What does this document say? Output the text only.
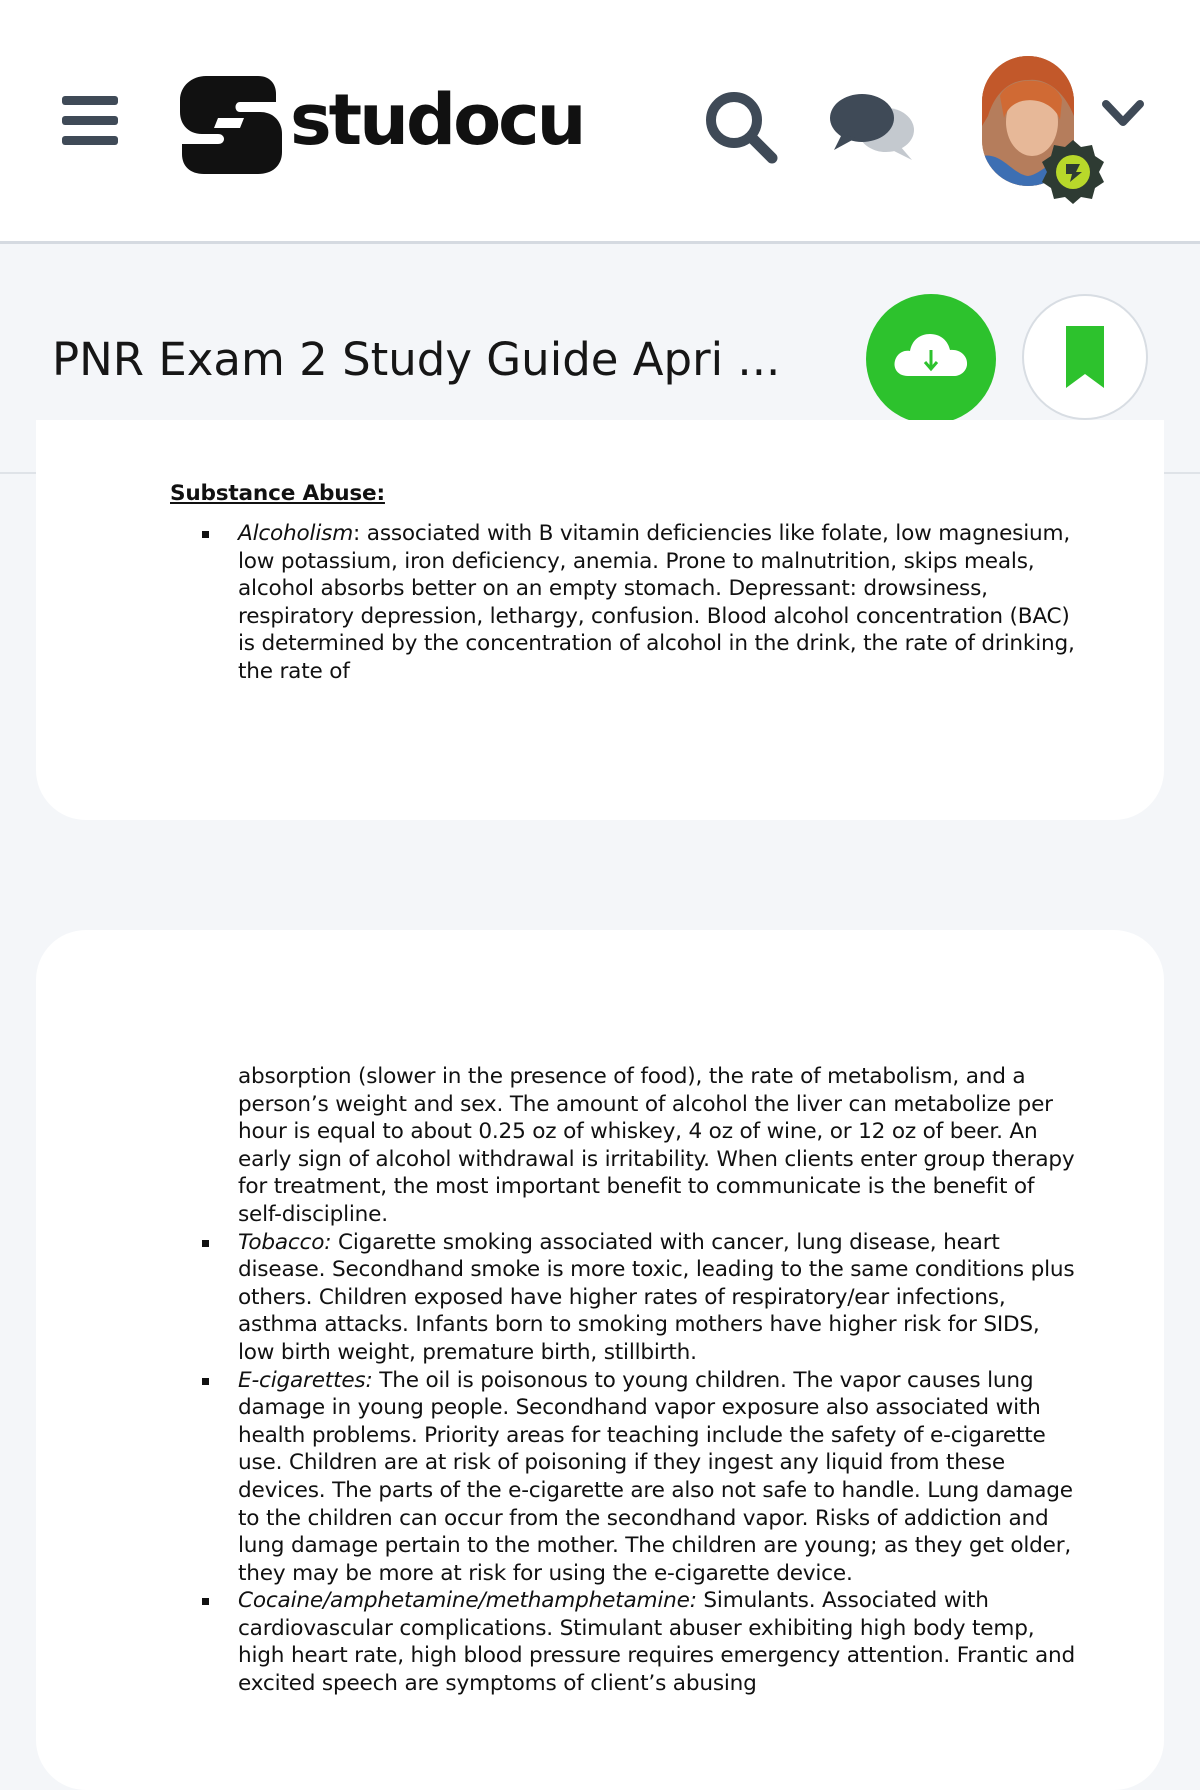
studocu
PNR Exam 2 Study Guide Apri ...
Substance Abuse:
Alcoholism: associated with B vitamin deficiencies like folate, low magnesium, low potassium, iron deficiency, anemia. Prone to malnutrition, skips meals, alcohol absorbs better on an empty stomach. Depressant: drowsiness, respiratory depression, lethargy, confusion. Blood alcohol concentration (BAC) is determined by the concentration of alcohol in the drink, the rate of drinking, the rate of
absorption (slower in the presence of food), the rate of metabolism, and a person’s weight and sex. The amount of alcohol the liver can metabolize per hour is equal to about 0.25 oz of whiskey, 4 oz of wine, or 12 oz of beer. An early sign of alcohol withdrawal is irritability. When clients enter group therapy for treatment, the most important benefit to communicate is the benefit of self-discipline.
Tobacco: Cigarette smoking associated with cancer, lung disease, heart disease. Secondhand smoke is more toxic, leading to the same conditions plus others. Children exposed have higher rates of respiratory/ear infections, asthma attacks. Infants born to smoking mothers have higher risk for SIDS, low birth weight, premature birth, stillbirth.
E-cigarettes: The oil is poisonous to young children. The vapor causes lung damage in young people. Secondhand vapor exposure also associated with health problems. Priority areas for teaching include the safety of e-cigarette use. Children are at risk of poisoning if they ingest any liquid from these devices. The parts of the e-cigarette are also not safe to handle. Lung damage to the children can occur from the secondhand vapor. Risks of addiction and lung damage pertain to the mother. The children are young; as they get older, they may be more at risk for using the e-cigarette device.
Cocaine/amphetamine/methamphetamine: Simulants. Associated with cardiovascular complications. Stimulant abuser exhibiting high body temp, high heart rate, high blood pressure requires emergency attention. Frantic and excited speech are symptoms of client’s abusing
